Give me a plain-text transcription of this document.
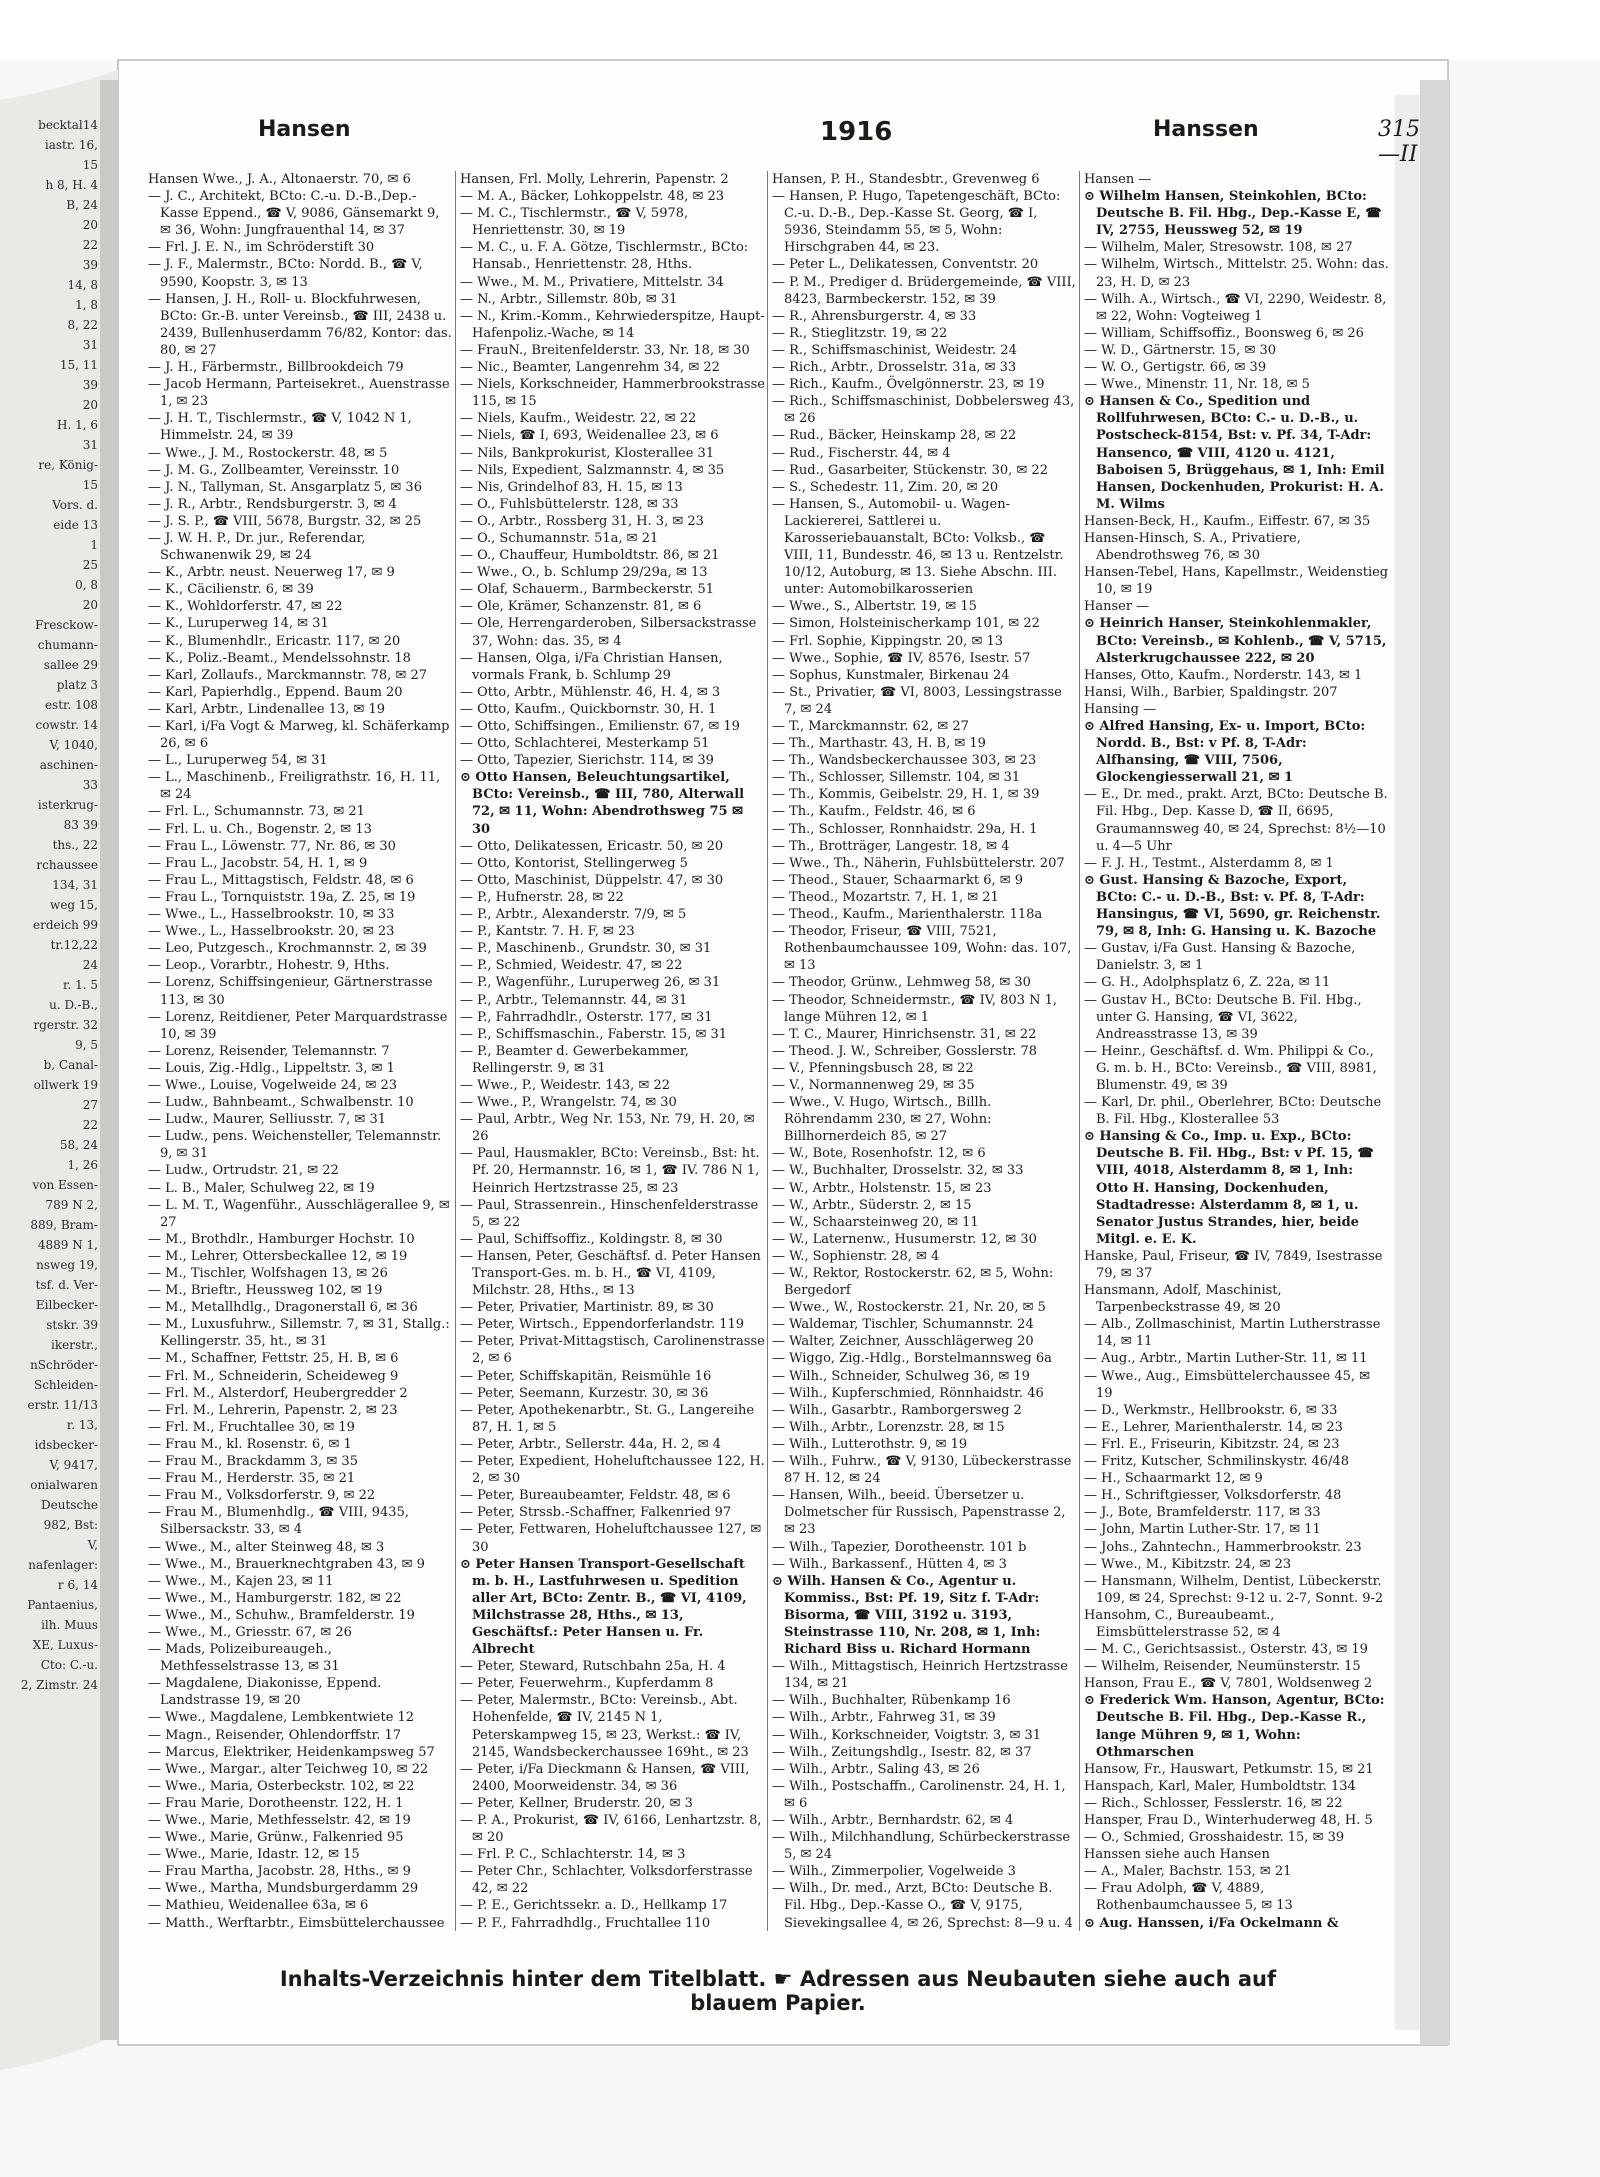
becktal14
iastr. 16,
15
h 8, H. 4
B, 24
20
22
39
14, 8
1, 8
8, 22
31
15, 11
39
20
H. 1, 6
31
re, König-
15
Vors. d.
eide 13
1
25
0, 8
20
Fresckow-
chumann-
sallee 29
platz 3
estr. 108
cowstr. 14
V, 1040,
aschinen-
33
isterkrug-
83 39
ths., 22
rchaussee
134, 31
weg 15,
erdeich 99
tr.12,22
24
r. 1. 5
u. D.-B.,
rgerstr. 32
9, 5
b, Canal-
ollwerk 19
27
22
58, 24
1, 26
von Essen-
789 N 2,
889, Bram-
4889 N 1,
nsweg 19,
tsf. d. Ver-
Eilbecker-
stskr. 39
ikerstr.,
nSchröder-
Schleiden-
erstr. 11/13
r. 13,
idsbecker-
V, 9417,
onialwaren
Deutsche
982, Bst:
V,
nafenlager:
r 6, 14
Pantaenius,
ilh. Muus
XE, Luxus-
Cto: C.-u.
2, Zimstr. 24
Hansen	1916	Hanssen	315—II
Hansen Wwe., J. A., Altonaerstr. 70, ✉ 6
— J. C., Architekt, BCto: C.-u. D.-B.,Dep.-Kasse Eppend., ☎ V, 9086, Gänsemarkt 9, ✉ 36, Wohn: Jungfrauenthal 14, ✉ 37
— Frl. J. E. N., im Schröderstift 30
— J. F., Malermstr., BCto: Nordd. B., ☎ V, 9590, Koopstr. 3, ✉ 13
— Hansen, J. H., Roll- u. Blockfuhrwesen, BCto: Gr.-B. unter Vereinsb., ☎ III, 2438 u. 2439, Bullenhuserdamm 76/82, Kontor: das. 80, ✉ 27
— J. H., Färbermstr., Billbrookdeich 79
— Jacob Hermann, Parteisekret., Auenstrasse 1, ✉ 23
— J. H. T., Tischlermstr., ☎ V, 1042 N 1, Himmelstr. 24, ✉ 39
— Wwe., J. M., Rostockerstr. 48, ✉ 5
— J. M. G., Zollbeamter, Vereinsstr. 10
— J. N., Tallyman, St. Ansgarplatz 5, ✉ 36
— J. R., Arbtr., Rendsburgerstr. 3, ✉ 4
— J. S. P., ☎ VIII, 5678, Burgstr. 32, ✉ 25
— J. W. H. P., Dr. jur., Referendar, Schwanenwik 29, ✉ 24
— K., Arbtr. neust. Neuerweg 17, ✉ 9
— K., Cäcilienstr. 6, ✉ 39
— K., Wohldorferstr. 47, ✉ 22
— K., Luruperweg 14, ✉ 31
— K., Blumenhdlr., Ericastr. 117, ✉ 20
— K., Poliz.-Beamt., Mendelssohnstr. 18
— Karl, Zollaufs., Marckmannstr. 78, ✉ 27
— Karl, Papierhdlg., Eppend. Baum 20
— Karl, Arbtr., Lindenallee 13, ✉ 19
— Karl, i/Fa Vogt & Marweg, kl. Schäferkamp 26, ✉ 6
— L., Luruperweg 54, ✉ 31
— L., Maschinenb., Freiligrathstr. 16, H. 11, ✉ 24
— Frl. L., Schumannstr. 73, ✉ 21
— Frl. L. u. Ch., Bogenstr. 2, ✉ 13
— Frau L., Löwenstr. 77, Nr. 86, ✉ 30
— Frau L., Jacobstr. 54, H. 1, ✉ 9
— Frau L., Mittagstisch, Feldstr. 48, ✉ 6
— Frau L., Tornquiststr. 19a, Z. 25, ✉ 19
— Wwe., L., Hasselbrookstr. 10, ✉ 33
— Wwe., L., Hasselbrookstr. 20, ✉ 23
— Leo, Putzgesch., Krochmannstr. 2, ✉ 39
— Leop., Vorarbtr., Hohestr. 9, Hths.
— Lorenz, Schiffsingenieur, Gärtnerstrasse 113, ✉ 30
— Lorenz, Reitdiener, Peter Marquardstrasse 10, ✉ 39
— Lorenz, Reisender, Telemannstr. 7
— Louis, Zig.-Hdlg., Lippeltstr. 3, ✉ 1
— Wwe., Louise, Vogelweide 24, ✉ 23
— Ludw., Bahnbeamt., Schwalbenstr. 10
— Ludw., Maurer, Selliusstr. 7, ✉ 31
— Ludw., pens. Weichensteller, Telemannstr. 9, ✉ 31
— Ludw., Ortrudstr. 21, ✉ 22
— L. B., Maler, Schulweg 22, ✉ 19
— L. M. T., Wagenführ., Ausschlägerallee 9, ✉ 27
— M., Brothdlr., Hamburger Hochstr. 10
— M., Lehrer, Ottersbeckallee 12, ✉ 19
— M., Tischler, Wolfshagen 13, ✉ 26
— M., Brieftr., Heussweg 102, ✉ 19
— M., Metallhdlg., Dragonerstall 6, ✉ 36
— M., Luxusfuhrw., Sillemstr. 7, ✉ 31, Stallg.: Kellingerstr. 35, ht., ✉ 31
— M., Schaffner, Fettstr. 25, H. B, ✉ 6
— Frl. M., Schneiderin, Scheideweg 9
— Frl. M., Alsterdorf, Heubergredder 2
— Frl. M., Lehrerin, Papenstr. 2, ✉ 23
— Frl. M., Fruchtallee 30, ✉ 19
— Frau M., kl. Rosenstr. 6, ✉ 1
— Frau M., Brackdamm 3, ✉ 35
— Frau M., Herderstr. 35, ✉ 21
— Frau M., Volksdorferstr. 9, ✉ 22
— Frau M., Blumenhdlg., ☎ VIII, 9435, Silbersackstr. 33, ✉ 4
— Wwe., M., alter Steinweg 48, ✉ 3
— Wwe., M., Brauerknechtgraben 43, ✉ 9
— Wwe., M., Kajen 23, ✉ 11
— Wwe., M., Hamburgerstr. 182, ✉ 22
— Wwe., M., Schuhw., Bramfelderstr. 19
— Wwe., M., Griesstr. 67, ✉ 26
— Mads, Polizeibureaugeh., Methfesselstrasse 13, ✉ 31
— Magdalene, Diakonisse, Eppend. Landstrasse 19, ✉ 20
— Wwe., Magdalene, Lembkentwiete 12
— Magn., Reisender, Ohlendorffstr. 17
— Marcus, Elektriker, Heidenkampsweg 57
— Wwe., Margar., alter Teichweg 10, ✉ 22
— Wwe., Maria, Osterbeckstr. 102, ✉ 22
— Frau Marie, Dorotheenstr. 122, H. 1
— Wwe., Marie, Methfesselstr. 42, ✉ 19
— Wwe., Marie, Grünw., Falkenried 95
— Wwe., Marie, Idastr. 12, ✉ 15
— Frau Martha, Jacobstr. 28, Hths., ✉ 9
— Wwe., Martha, Mundsburgerdamm 29
— Mathieu, Weidenallee 63a, ✉ 6
— Matth., Werftarbtr., Eimsbüttelerchaussee
Hansen, Frl. Molly, Lehrerin, Papenstr. 2
— M. A., Bäcker, Lohkoppelstr. 48, ✉ 23
— M. C., Tischlermstr., ☎ V, 5978, Henriettenstr. 30, ✉ 19
— M. C., u. F. A. Götze, Tischlermstr., BCto: Hansab., Henriettenstr. 28, Hths.
— Wwe., M. M., Privatiere, Mittelstr. 34
— N., Arbtr., Sillemstr. 80b, ✉ 31
— N., Krim.-Komm., Kehrwiederspitze, Haupt-Hafenpoliz.-Wache, ✉ 14
— FrauN., Breitenfelderstr. 33, Nr. 18, ✉ 30
— Nic., Beamter, Langenrehm 34, ✉ 22
— Niels, Korkschneider, Hammerbrookstrasse 115, ✉ 15
— Niels, Kaufm., Weidestr. 22, ✉ 22
— Niels, ☎ I, 693, Weidenallee 23, ✉ 6
— Nils, Bankprokurist, Klosterallee 31
— Nils, Expedient, Salzmannstr. 4, ✉ 35
— Nis, Grindelhof 83, H. 15, ✉ 13
— O., Fuhlsbüttelerstr. 128, ✉ 33
— O., Arbtr., Rossberg 31, H. 3, ✉ 23
— O., Schumannstr. 51a, ✉ 21
— O., Chauffeur, Humboldtstr. 86, ✉ 21
— Wwe., O., b. Schlump 29/29a, ✉ 13
— Olaf, Schauerm., Barmbeckerstr. 51
— Ole, Krämer, Schanzenstr. 81, ✉ 6
— Ole, Herrengarderoben, Silbersackstrasse 37, Wohn: das. 35, ✉ 4
— Hansen, Olga, i/Fa Christian Hansen, vormals Frank, b. Schlump 29
— Otto, Arbtr., Mühlenstr. 46, H. 4, ✉ 3
— Otto, Kaufm., Quickbornstr. 30, H. 1
— Otto, Schiffsingen., Emilienstr. 67, ✉ 19
— Otto, Schlachterei, Mesterkamp 51
— Otto, Tapezier, Sierichstr. 114, ✉ 39
⊙ Otto Hansen, Beleuchtungsartikel, BCto: Vereinsb., ☎ III, 780, Alterwall 72, ✉ 11, Wohn: Abendrothsweg 75 ✉ 30
— Otto, Delikatessen, Ericastr. 50, ✉ 20
— Otto, Kontorist, Stellingerweg 5
— Otto, Maschinist, Düppelstr. 47, ✉ 30
— P., Hufnerstr. 28, ✉ 22
— P., Arbtr., Alexanderstr. 7/9, ✉ 5
— P., Kantstr. 7. H. F, ✉ 23
— P., Maschinenb., Grundstr. 30, ✉ 31
— P., Schmied, Weidestr. 47, ✉ 22
— P., Wagenführ., Luruperweg 26, ✉ 31
— P., Arbtr., Telemannstr. 44, ✉ 31
— P., Fahrradhdlr., Osterstr. 177, ✉ 31
— P., Schiffsmaschin., Faberstr. 15, ✉ 31
— P., Beamter d. Gewerbekammer, Rellingerstr. 9, ✉ 31
— Wwe., P., Weidestr. 143, ✉ 22
— Wwe., P., Wrangelstr. 74, ✉ 30
— Paul, Arbtr., Weg Nr. 153, Nr. 79, H. 20, ✉ 26
— Paul, Hausmakler, BCto: Vereinsb., Bst: ht. Pf. 20, Hermannstr. 16, ✉ 1, ☎ IV. 786 N 1, Heinrich Hertzstrasse 25, ✉ 23
— Paul, Strassenrein., Hinschenfelderstrasse 5, ✉ 22
— Paul, Schiffsoffiz., Koldingstr. 8, ✉ 30
— Hansen, Peter, Geschäftsf. d. Peter Hansen Transport-Ges. m. b. H., ☎ VI, 4109, Milchstr. 28, Hths., ✉ 13
— Peter, Privatier, Martinistr. 89, ✉ 30
— Peter, Wirtsch., Eppendorferlandstr. 119
— Peter, Privat-Mittagstisch, Carolinenstrasse 2, ✉ 6
— Peter, Schiffskapitän, Reismühle 16
— Peter, Seemann, Kurzestr. 30, ✉ 36
— Peter, Apothekenarbtr., St. G., Langereihe 87, H. 1, ✉ 5
— Peter, Arbtr., Sellerstr. 44a, H. 2, ✉ 4
— Peter, Expedient, Hoheluftchaussee 122, H. 2, ✉ 30
— Peter, Bureaubeamter, Feldstr. 48, ✉ 6
— Peter, Strssb.-Schaffner, Falkenried 97
— Peter, Fettwaren, Hoheluftchaussee 127, ✉ 30
⊙ Peter Hansen Transport-Gesellschaft m. b. H., Lastfuhrwesen u. Spedition aller Art, BCto: Zentr. B., ☎ VI, 4109, Milchstrasse 28, Hths., ✉ 13, Geschäftsf.: Peter Hansen u. Fr. Albrecht
— Peter, Steward, Rutschbahn 25a, H. 4
— Peter, Feuerwehrm., Kupferdamm 8
— Peter, Malermstr., BCto: Vereinsb., Abt. Hohenfelde, ☎ IV, 2145 N 1, Peterskampweg 15, ✉ 23, Werkst.: ☎ IV, 2145, Wandsbeckerchaussee 169ht., ✉ 23
— Peter, i/Fa Dieckmann & Hansen, ☎ VIII, 2400, Moorweidenstr. 34, ✉ 36
— Peter, Kellner, Bruderstr. 20, ✉ 3
— P. A., Prokurist, ☎ IV, 6166, Lenhartzstr. 8, ✉ 20
— Frl. P. C., Schlachterstr. 14, ✉ 3
— Peter Chr., Schlachter, Volksdorferstrasse 42, ✉ 22
— P. E., Gerichtssekr. a. D., Hellkamp 17
— P. F., Fahrradhdlg., Fruchtallee 110
Hansen, P. H., Standesbtr., Grevenweg 6
— Hansen, P. Hugo, Tapetengeschäft, BCto: C.-u. D.-B., Dep.-Kasse St. Georg, ☎ I, 5936, Steindamm 55, ✉ 5, Wohn: Hirschgraben 44, ✉ 23.
— Peter L., Delikatessen, Conventstr. 20
— P. M., Prediger d. Brüdergemeinde, ☎ VIII, 8423, Barmbeckerstr. 152, ✉ 39
— R., Ahrensburgerstr. 4, ✉ 33
— R., Stieglitzstr. 19, ✉ 22
— R., Schiffsmaschinist, Weidestr. 24
— Rich., Arbtr., Drosselstr. 31a, ✉ 33
— Rich., Kaufm., Övelgönnerstr. 23, ✉ 19
— Rich., Schiffsmaschinist, Dobbelersweg 43, ✉ 26
— Rud., Bäcker, Heinskamp 28, ✉ 22
— Rud., Fischerstr. 44, ✉ 4
— Rud., Gasarbeiter, Stückenstr. 30, ✉ 22
— S., Schedestr. 11, Zim. 20, ✉ 20
— Hansen, S., Automobil- u. Wagen-Lackiererei, Sattlerei u. Karosseriebauanstalt, BCto: Volksb., ☎ VIII, 11, Bundesstr. 46, ✉ 13 u. Rentzelstr. 10/12, Autoburg, ✉ 13. Siehe Abschn. III. unter: Automobilkarosserien
— Wwe., S., Albertstr. 19, ✉ 15
— Simon, Holsteinischerkamp 101, ✉ 22
— Frl. Sophie, Kippingstr. 20, ✉ 13
— Wwe., Sophie, ☎ IV, 8576, Isestr. 57
— Sophus, Kunstmaler, Birkenau 24
— St., Privatier, ☎ VI, 8003, Lessingstrasse 7, ✉ 24
— T., Marckmannstr. 62, ✉ 27
— Th., Marthastr. 43, H. B, ✉ 19
— Th., Wandsbeckerchaussee 303, ✉ 23
— Th., Schlosser, Sillemstr. 104, ✉ 31
— Th., Kommis, Geibelstr. 29, H. 1, ✉ 39
— Th., Kaufm., Feldstr. 46, ✉ 6
— Th., Schlosser, Ronnhaidstr. 29a, H. 1
— Th., Brotträger, Langestr. 18, ✉ 4
— Wwe., Th., Näherin, Fuhlsbüttelerstr. 207
— Theod., Stauer, Schaarmarkt 6, ✉ 9
— Theod., Mozartstr. 7, H. 1, ✉ 21
— Theod., Kaufm., Marienthalerstr. 118a
— Theodor, Friseur, ☎ VIII, 7521, Rothenbaumchaussee 109, Wohn: das. 107, ✉ 13
— Theodor, Grünw., Lehmweg 58, ✉ 30
— Theodor, Schneidermstr., ☎ IV, 803 N 1, lange Mühren 12, ✉ 1
— T. C., Maurer, Hinrichsenstr. 31, ✉ 22
— Theod. J. W., Schreiber, Gosslerstr. 78
— V., Pfenningsbusch 28, ✉ 22
— V., Normannenweg 29, ✉ 35
— Wwe., V. Hugo, Wirtsch., Billh. Röhrendamm 230, ✉ 27, Wohn: Billhornerdeich 85, ✉ 27
— W., Bote, Rosenhofstr. 12, ✉ 6
— W., Buchhalter, Drosselstr. 32, ✉ 33
— W., Arbtr., Holstenstr. 15, ✉ 23
— W., Arbtr., Süderstr. 2, ✉ 15
— W., Schaarsteinweg 20, ✉ 11
— W., Laternenw., Husumerstr. 12, ✉ 30
— W., Sophienstr. 28, ✉ 4
— W., Rektor, Rostockerstr. 62, ✉ 5, Wohn: Bergedorf
— Wwe., W., Rostockerstr. 21, Nr. 20, ✉ 5
— Waldemar, Tischler, Schumannstr. 24
— Walter, Zeichner, Ausschlägerweg 20
— Wiggo, Zig.-Hdlg., Borstelmannsweg 6a
— Wilh., Schneider, Schulweg 36, ✉ 19
— Wilh., Kupferschmied, Rönnhaidstr. 46
— Wilh., Gasarbtr., Ramborgersweg 2
— Wilh., Arbtr., Lorenzstr. 28, ✉ 15
— Wilh., Lutterothstr. 9, ✉ 19
— Wilh., Fuhrw., ☎ V, 9130, Lübeckerstrasse 87 H. 12, ✉ 24
— Hansen, Wilh., beeid. Übersetzer u. Dolmetscher für Russisch, Papenstrasse 2, ✉ 23
— Wilh., Tapezier, Dorotheenstr. 101 b
— Wilh., Barkassenf., Hütten 4, ✉ 3
⊙ Wilh. Hansen & Co., Agentur u. Kommiss., Bst: Pf. 19, Sitz f. T-Adr: Bisorma, ☎ VIII, 3192 u. 3193, Steinstrasse 110, Nr. 208, ✉ 1, Inh: Richard Biss u. Richard Hormann
— Wilh., Mittagstisch, Heinrich Hertzstrasse 134, ✉ 21
— Wilh., Buchhalter, Rübenkamp 16
— Wilh., Arbtr., Fahrweg 31, ✉ 39
— Wilh., Korkschneider, Voigtstr. 3, ✉ 31
— Wilh., Zeitungshdlg., Isestr. 82, ✉ 37
— Wilh., Arbtr., Saling 43, ✉ 26
— Wilh., Postschaffn., Carolinenstr. 24, H. 1, ✉ 6
— Wilh., Arbtr., Bernhardstr. 62, ✉ 4
— Wilh., Milchhandlung, Schürbeckerstrasse 5, ✉ 24
— Wilh., Zimmerpolier, Vogelweide 3
— Wilh., Dr. med., Arzt, BCto: Deutsche B. Fil. Hbg., Dep.-Kasse O., ☎ V, 9175, Sievekingsallee 4, ✉ 26, Sprechst: 8—9 u. 4
Hansen —
⊙ Wilhelm Hansen, Steinkohlen, BCto: Deutsche B. Fil. Hbg., Dep.-Kasse E, ☎ IV, 2755, Heussweg 52, ✉ 19
— Wilhelm, Maler, Stresowstr. 108, ✉ 27
— Wilhelm, Wirtsch., Mittelstr. 25. Wohn: das. 23, H. D, ✉ 23
— Wilh. A., Wirtsch., ☎ VI, 2290, Weidestr. 8, ✉ 22, Wohn: Vogteiweg 1
— William, Schiffsoffiz., Boonsweg 6, ✉ 26
— W. D., Gärtnerstr. 15, ✉ 30
— W. O., Gertigstr. 66, ✉ 39
— Wwe., Minenstr. 11, Nr. 18, ✉ 5
⊙ Hansen & Co., Spedition und Rollfuhrwesen, BCto: C.- u. D.-B., u. Postscheck-8154, Bst: v. Pf. 34, T-Adr: Hansenco, ☎ VIII, 4120 u. 4121, Baboisen 5, Brüggehaus, ✉ 1, Inh: Emil Hansen, Dockenhuden, Prokurist: H. A. M. Wilms
Hansen-Beck, H., Kaufm., Eiffestr. 67, ✉ 35
Hansen-Hinsch, S. A., Privatiere, Abendrothsweg 76, ✉ 30
Hansen-Tebel, Hans, Kapellmstr., Weidenstieg 10, ✉ 19
Hanser —
⊙ Heinrich Hanser, Steinkohlenmakler, BCto: Vereinsb., ✉ Kohlenb., ☎ V, 5715, Alsterkrugchaussee 222, ✉ 20
Hanses, Otto, Kaufm., Norderstr. 143, ✉ 1
Hansi, Wilh., Barbier, Spaldingstr. 207
Hansing —
⊙ Alfred Hansing, Ex- u. Import, BCto: Nordd. B., Bst: v Pf. 8, T-Adr: Alfhansing, ☎ VIII, 7506, Glockengiesserwall 21, ✉ 1
— E., Dr. med., prakt. Arzt, BCto: Deutsche B. Fil. Hbg., Dep. Kasse D, ☎ II, 6695, Graumannsweg 40, ✉ 24, Sprechst: 8½—10 u. 4—5 Uhr
— F. J. H., Testmt., Alsterdamm 8, ✉ 1
⊙ Gust. Hansing & Bazoche, Export, BCto: C.- u. D.-B., Bst: v. Pf. 8, T-Adr: Hansingus, ☎ VI, 5690, gr. Reichenstr. 79, ✉ 8, Inh: G. Hansing u. K. Bazoche
— Gustav, i/Fa Gust. Hansing & Bazoche, Danielstr. 3, ✉ 1
— G. H., Adolphsplatz 6, Z. 22a, ✉ 11
— Gustav H., BCto: Deutsche B. Fil. Hbg., unter G. Hansing, ☎ VI, 3622, Andreasstrasse 13, ✉ 39
— Heinr., Geschäftsf. d. Wm. Philippi & Co., G. m. b. H., BCto: Vereinsb., ☎ VIII, 8981, Blumenstr. 49, ✉ 39
— Karl, Dr. phil., Oberlehrer, BCto: Deutsche B. Fil. Hbg., Klosterallee 53
⊙ Hansing & Co., Imp. u. Exp., BCto: Deutsche B. Fil. Hbg., Bst: v Pf. 15, ☎ VIII, 4018, Alsterdamm 8, ✉ 1, Inh: Otto H. Hansing, Dockenhuden, Stadtadresse: Alsterdamm 8, ✉ 1, u. Senator Justus Strandes, hier, beide Mitgl. e. E. K.
Hanske, Paul, Friseur, ☎ IV, 7849, Isestrasse 79, ✉ 37
Hansmann, Adolf, Maschinist, Tarpenbeckstrasse 49, ✉ 20
— Alb., Zollmaschinist, Martin Lutherstrasse 14, ✉ 11
— Aug., Arbtr., Martin Luther-Str. 11, ✉ 11
— Wwe., Aug., Eimsbüttelerchaussee 45, ✉ 19
— D., Werkmstr., Hellbrookstr. 6, ✉ 33
— E., Lehrer, Marienthalerstr. 14, ✉ 23
— Frl. E., Friseurin, Kibitzstr. 24, ✉ 23
— Fritz, Kutscher, Schmilinskystr. 46/48
— H., Schaarmarkt 12, ✉ 9
— H., Schriftgiesser, Volksdorferstr. 48
— J., Bote, Bramfelderstr. 117, ✉ 33
— John, Martin Luther-Str. 17, ✉ 11
— Johs., Zahntechn., Hammerbrookstr. 23
— Wwe., M., Kibitzstr. 24, ✉ 23
— Hansmann, Wilhelm, Dentist, Lübeckerstr. 109, ✉ 24, Sprechst: 9-12 u. 2-7, Sonnt. 9-2
Hansohm, C., Bureaubeamt., Eimsbüttelerstrasse 52, ✉ 4
— M. C., Gerichtsassist., Osterstr. 43, ✉ 19
— Wilhelm, Reisender, Neumünsterstr. 15
Hanson, Frau E., ☎ V, 7801, Woldsenweg 2
⊙ Frederick Wm. Hanson, Agentur, BCto: Deutsche B. Fil. Hbg., Dep.-Kasse R., lange Mühren 9, ✉ 1, Wohn: Othmarschen
Hansow, Fr., Hauswart, Petkumstr. 15, ✉ 21
Hanspach, Karl, Maler, Humboldtstr. 134
— Rich., Schlosser, Fesslerstr. 16, ✉ 22
Hansper, Frau D., Winterhuderweg 48, H. 5
— O., Schmied, Grosshaidestr. 15, ✉ 39
Hanssen siehe auch Hansen
— A., Maler, Bachstr. 153, ✉ 21
— Frau Adolph, ☎ V, 4889, Rothenbaumchaussee 5, ✉ 13
⊙ Aug. Hanssen, i/Fa Ockelmann &
Inhalts-Verzeichnis hinter dem Titelblatt. ☛ Adressen aus Neubauten siehe auch auf blauem Papier.
